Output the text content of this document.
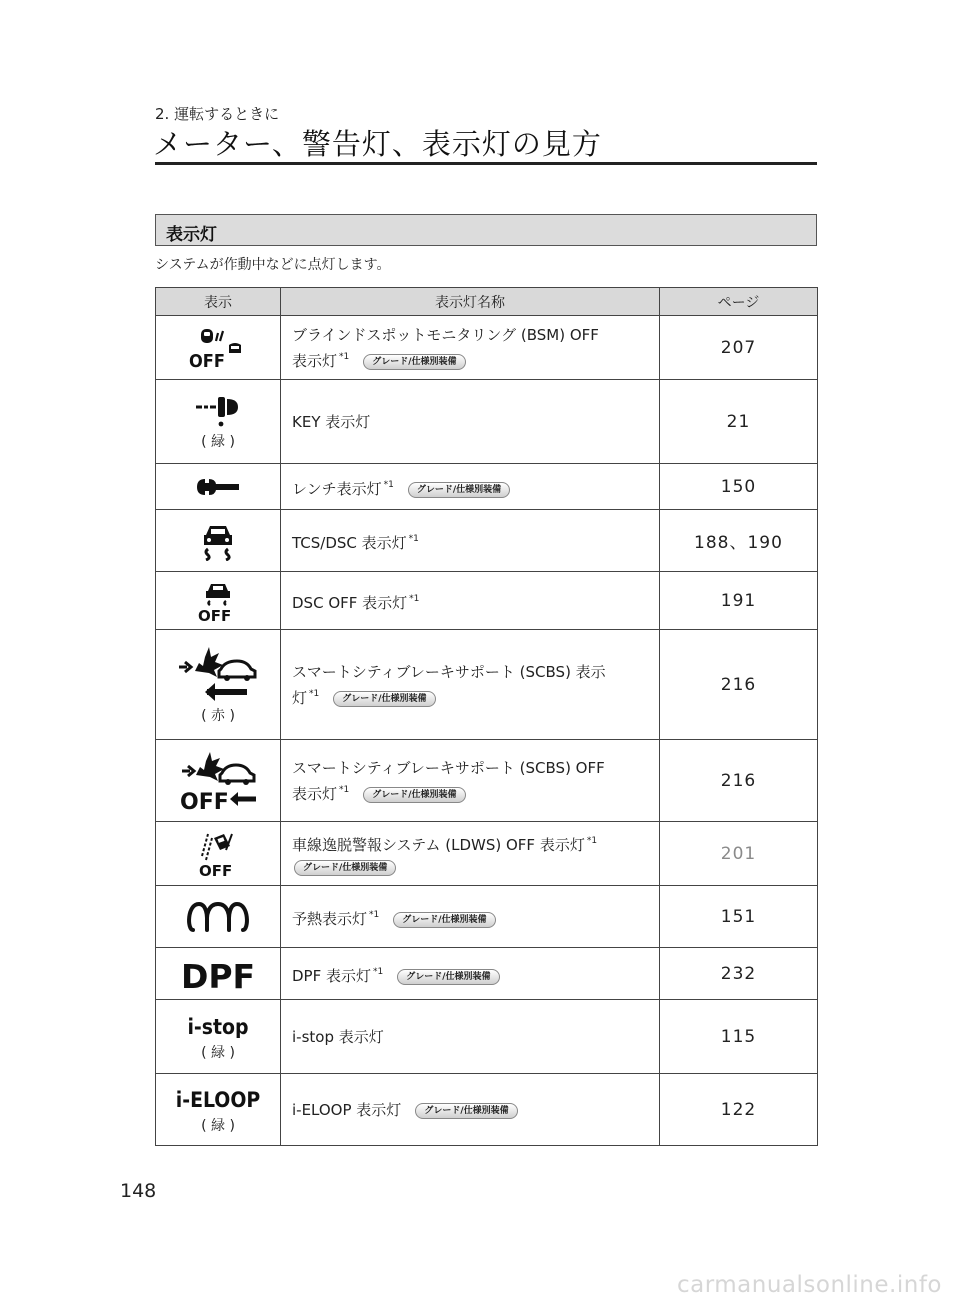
2. 運転するときに
メーター、警告灯、表示灯の見方
表示灯
システムが作動中などに点灯します。
表示	表示灯名称	ページ

OFF	ブラインドスポットモニタリング (BSM) OFF
表示灯 $^{*1}$ グレード/仕様別装備	207

( 緑 )	KEY 表示灯	21

	レンチ表示灯 $^{*1}$ グレード/仕様別装備	150

	TCS/DSC 表示灯 $^{*1}$	188、190

OFF	DSC OFF 表示灯 $^{*1}$	191

( 赤 )	スマートシティブレーキサポート (SCBS) 表示
灯 $^{*1}$ グレード/仕様別装備	216

OFF	スマートシティブレーキサポート (SCBS) OFF
表示灯 $^{*1}$ グレード/仕様別装備	216

OFF	車線逸脱警報システム (LDWS) OFF 表示灯 $^{*1}$
グレード/仕様別装備	201

	予熱表示灯 $^{*1}$ グレード/仕様別装備	151

DPF	DPF 表示灯 $^{*1}$ グレード/仕様別装備	232

i-stop
( 緑 )	i-stop 表示灯	115

i-ELOOP
( 緑 )	i-ELOOP 表示灯 グレード/仕様別装備	122
148
carmanualsonline.info
